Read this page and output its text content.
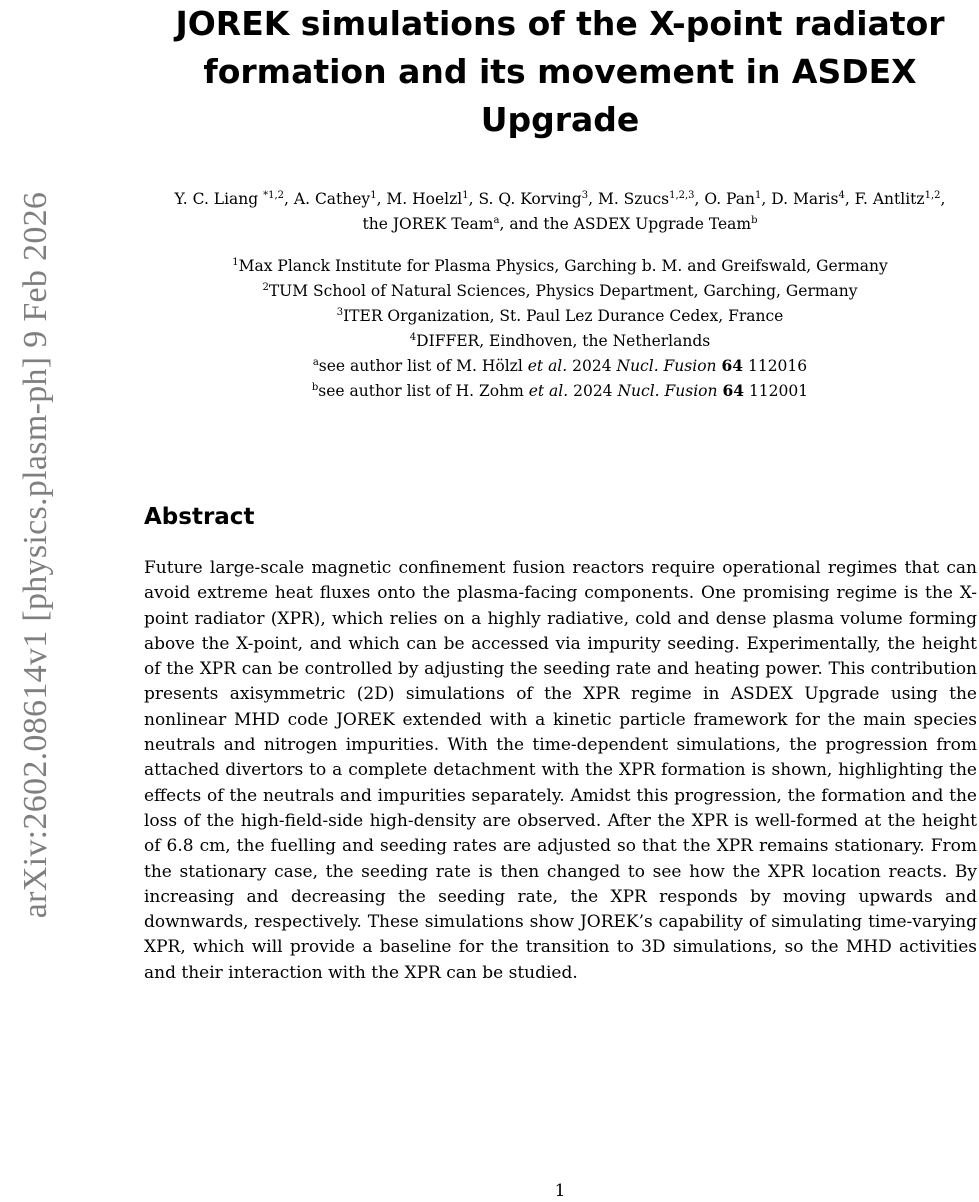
arXiv:2602.08614v1 [physics.plasm-ph] 9 Feb 2026
JOREK simulations of the X-point radiator formation and its movement in ASDEX Upgrade
Y. C. Liang $^{*1,2}$, A. Cathey$^1$, M. Hoelzl$^1$, S. Q. Korving$^3$, M. Szucs$^{1,2,3}$, O. Pan$^1$, D. Maris$^4$, F. Antlitz$^{1,2}$, the JOREK Team$^a$, and the ASDEX Upgrade Team$^b$
$^1$Max Planck Institute for Plasma Physics, Garching b. M. and Greifswald, Germany
$^2$TUM School of Natural Sciences, Physics Department, Garching, Germany
$^3$ITER Organization, St. Paul Lez Durance Cedex, France
$^4$DIFFER, Eindhoven, the Netherlands
$^a$see author list of M. Hölzl et al. 2024 Nucl. Fusion 64 112016
$^b$see author list of H. Zohm et al. 2024 Nucl. Fusion 64 112001
Abstract

Future large-scale magnetic confinement fusion reactors require operational regimes that can avoid extreme heat fluxes onto the plasma-facing components. One promising regime is the X-point radiator (XPR), which relies on a highly radiative, cold and dense plasma volume forming above the X-point, and which can be accessed via impurity seeding. Experimentally, the height of the XPR can be controlled by adjusting the seeding rate and heating power. This contribution presents axisymmetric (2D) simulations of the XPR regime in ASDEX Upgrade using the nonlinear MHD code JOREK extended with a kinetic particle framework for the main species neutrals and nitrogen impurities. With the time-dependent simulations, the progression from attached divertors to a complete detachment with the XPR formation is shown, highlighting the effects of the neutrals and impurities separately. Amidst this progression, the formation and the loss of the high-field-side high-density are observed. After the XPR is well-formed at the height of 6.8 cm, the fuelling and seeding rates are adjusted so that the XPR remains stationary. From the stationary case, the seeding rate is then changed to see how the XPR location reacts. By increasing and decreasing the seeding rate, the XPR responds by moving upwards and downwards, respectively. These simulations show JOREK’s capability of simulating time-varying XPR, which will provide a baseline for the transition to 3D simulations, so the MHD activities and their interaction with the XPR can be studied.

1
